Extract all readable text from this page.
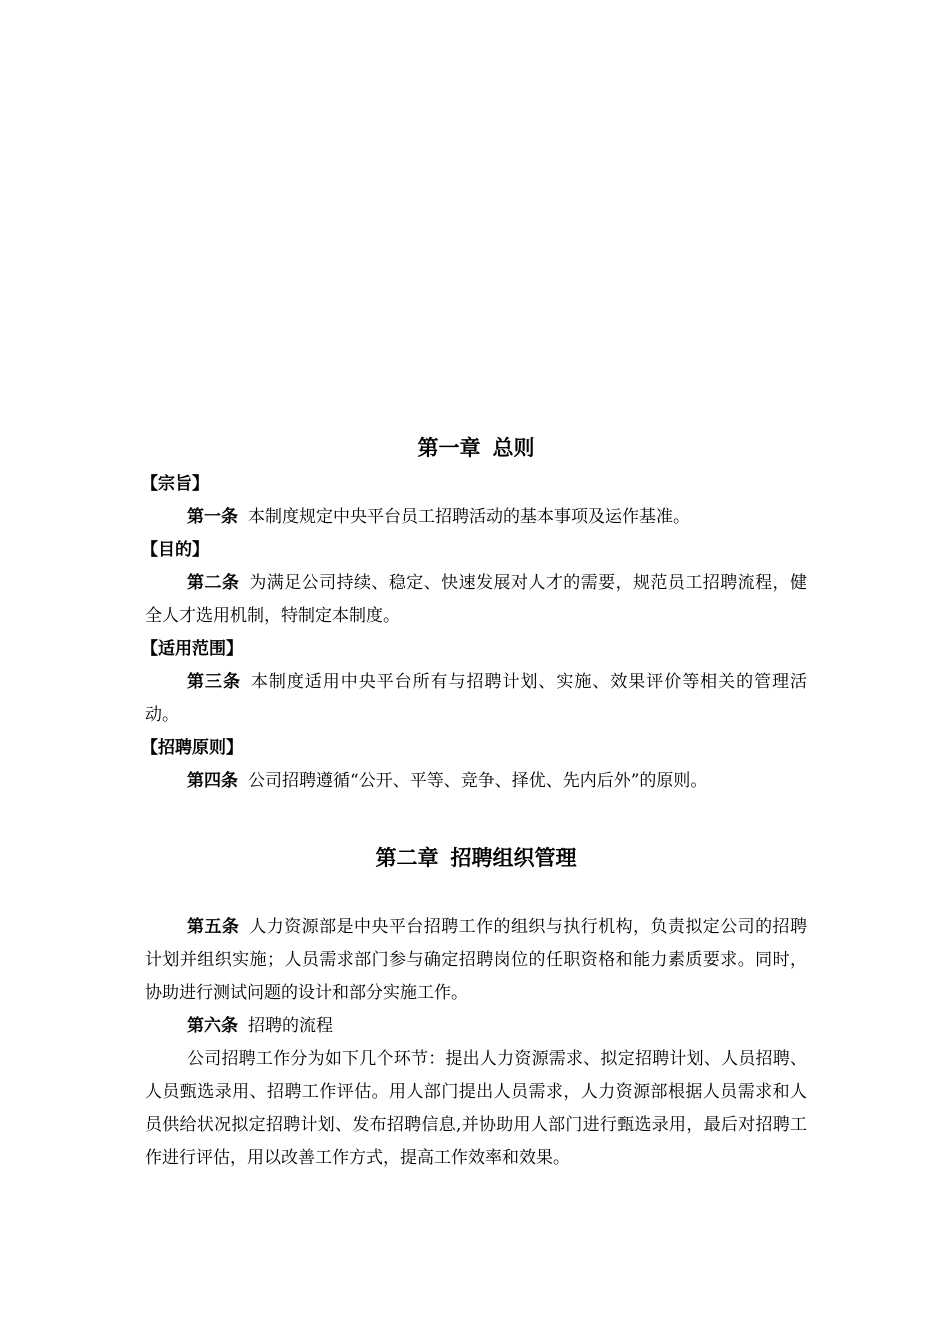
第一章 总则

【宗旨】

第一条 本制度规定中央平台员工招聘活动的基本事项及运作基准。

【目的】

第二条 为满足公司持续、稳定、快速发展对人才的需要，规范员工招聘流程，健全人才选用机制，特制定本制度。

【适用范围】

第三条 本制度适用中央平台所有与招聘计划、实施、效果评价等相关的管理活动。

【招聘原则】

第四条 公司招聘遵循“公开、平等、竞争、择优、先内后外”的原则。

第二章 招聘组织管理

第五条 人力资源部是中央平台招聘工作的组织与执行机构，负责拟定公司的招聘计划并组织实施；人员需求部门参与确定招聘岗位的任职资格和能力素质要求。同时，协助进行测试问题的设计和部分实施工作。

第六条 招聘的流程

公司招聘工作分为如下几个环节：提出人力资源需求、拟定招聘计划、人员招聘、人员甄选录用、招聘工作评估。用人部门提出人员需求，人力资源部根据人员需求和人员供给状况拟定招聘计划、发布招聘信息,并协助用人部门进行甄选录用，最后对招聘工作进行评估，用以改善工作方式，提高工作效率和效果。
